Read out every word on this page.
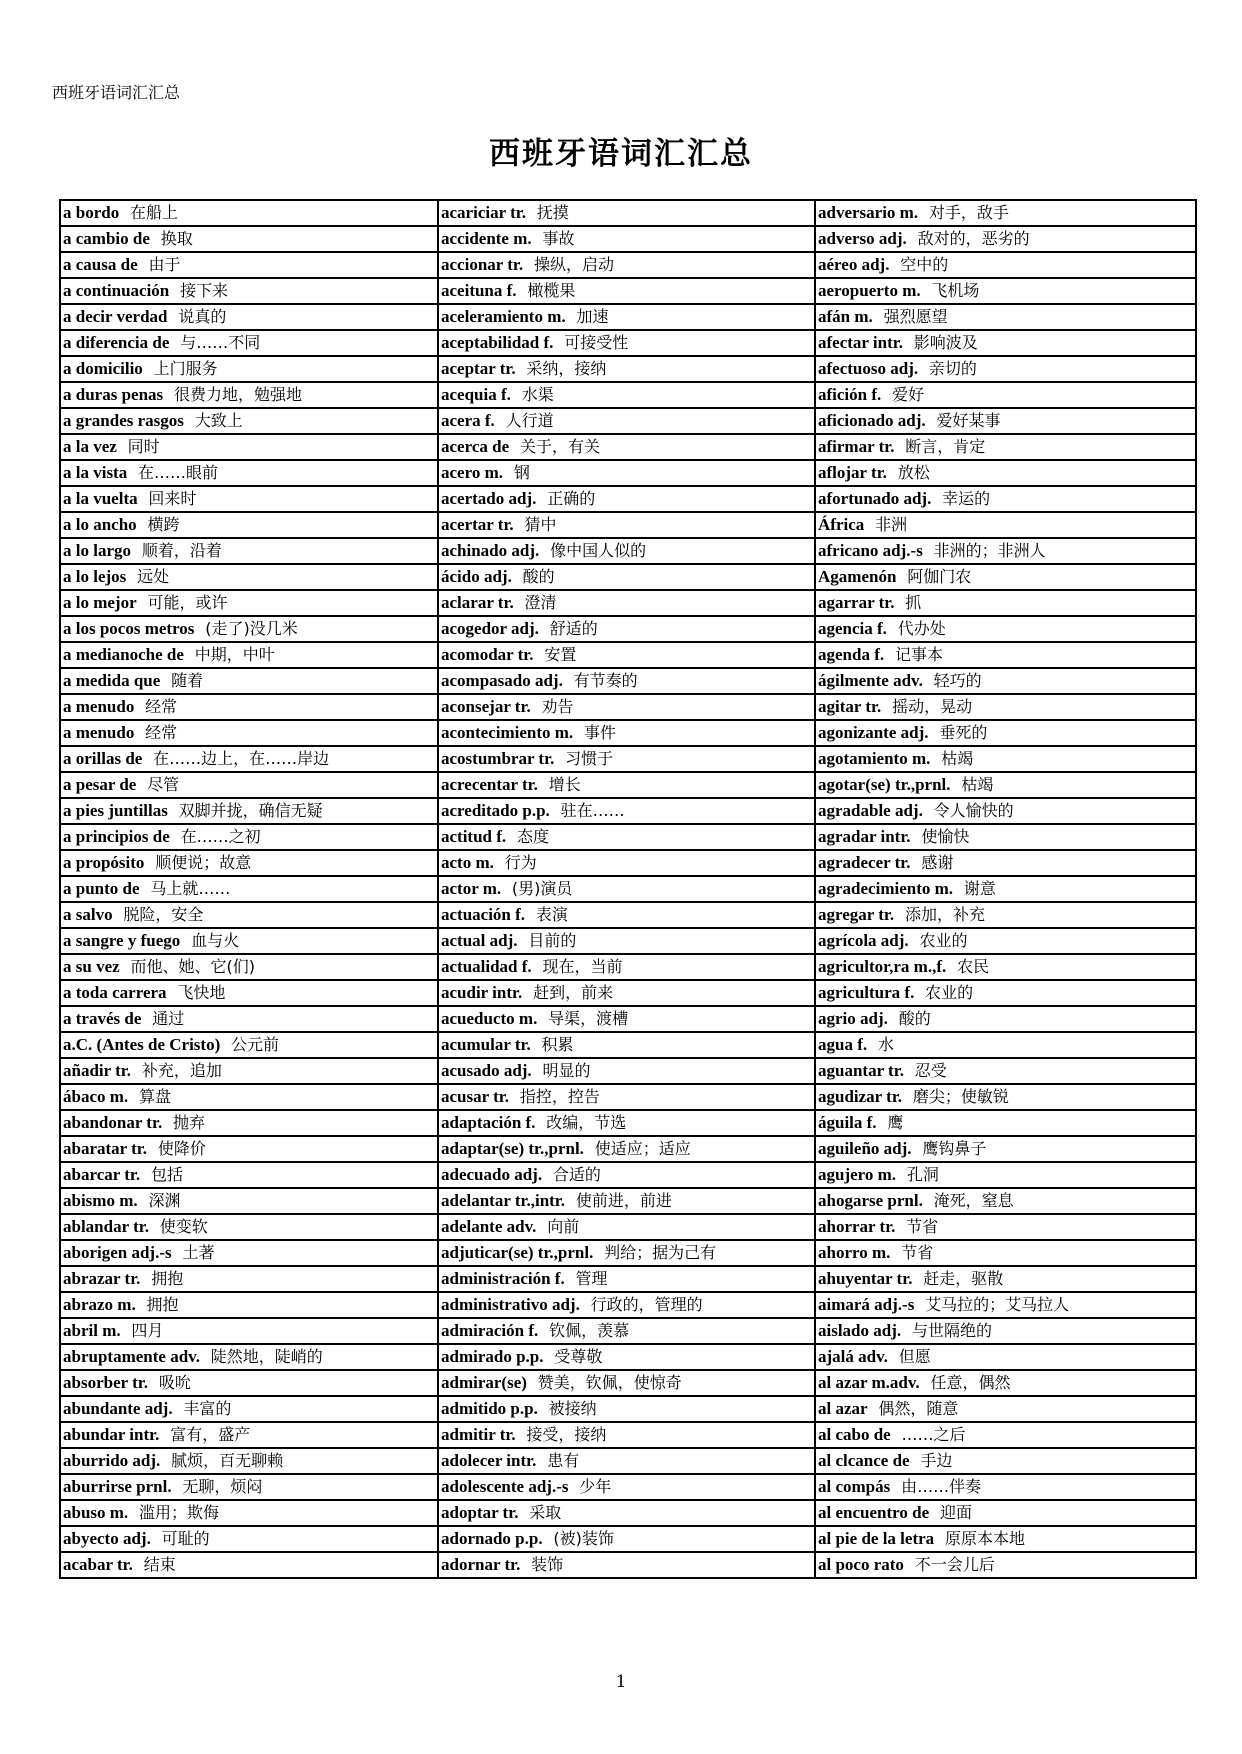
西班牙语词汇汇总
西班牙语词汇汇总
a bordo 在船上	acariciar tr. 抚摸	adversario m. 对手，敌手
a cambio de 换取	accidente m. 事故	adverso adj. 敌对的，恶劣的
a causa de 由于	accionar tr. 操纵，启动	aéreo adj. 空中的
a continuación 接下来	aceituna f. 橄榄果	aeropuerto m. 飞机场
a decir verdad 说真的	aceleramiento m. 加速	afán m. 强烈愿望
a diferencia de 与……不同	aceptabilidad f. 可接受性	afectar intr. 影响波及
a domicilio 上门服务	aceptar tr. 采纳，接纳	afectuoso adj. 亲切的
a duras penas 很费力地，勉强地	acequia f. 水渠	afición f. 爱好
a grandes rasgos 大致上	acera f. 人行道	aficionado adj. 爱好某事
a la vez 同时	acerca de 关于，有关	afirmar tr. 断言，肯定
a la vista 在……眼前	acero m. 钢	aflojar tr. 放松
a la vuelta 回来时	acertado adj. 正确的	afortunado adj. 幸运的
a lo ancho 横跨	acertar tr. 猜中	África 非洲
a lo largo 顺着，沿着	achinado adj. 像中国人似的	africano adj.-s 非洲的；非洲人
a lo lejos 远处	ácido adj. 酸的	Agamenón 阿伽门农
a lo mejor 可能，或许	aclarar tr. 澄清	agarrar tr. 抓
a los pocos metros (走了)没几米	acogedor adj. 舒适的	agencia f. 代办处
a medianoche de 中期，中叶	acomodar tr. 安置	agenda f. 记事本
a medida que 随着	acompasado adj. 有节奏的	ágilmente adv. 轻巧的
a menudo 经常	aconsejar tr. 劝告	agitar tr. 摇动，晃动
a menudo 经常	acontecimiento m. 事件	agonizante adj. 垂死的
a orillas de 在……边上，在……岸边	acostumbrar tr. 习惯于	agotamiento m. 枯竭
a pesar de 尽管	acrecentar tr. 增长	agotar(se) tr.,prnl. 枯竭
a pies juntillas 双脚并拢，确信无疑	acreditado p.p. 驻在……	agradable adj. 令人愉快的
a principios de 在……之初	actitud f. 态度	agradar intr. 使愉快
a propósito 顺便说；故意	acto m. 行为	agradecer tr. 感谢
a punto de 马上就……	actor m. (男)演员	agradecimiento m. 谢意
a salvo 脱险，安全	actuación f. 表演	agregar tr. 添加，补充
a sangre y fuego 血与火	actual adj. 目前的	agrícola adj. 农业的
a su vez 而他、她、它(们)	actualidad f. 现在，当前	agricultor,ra m.,f. 农民
a toda carrera 飞快地	acudir intr. 赶到，前来	agricultura f. 农业的
a través de 通过	acueducto m. 导渠，渡槽	agrio adj. 酸的
a.C. (Antes de Cristo) 公元前	acumular tr. 积累	agua f. 水
añadir tr. 补充，追加	acusado adj. 明显的	aguantar tr. 忍受
ábaco m. 算盘	acusar tr. 指控，控告	agudizar tr. 磨尖；使敏锐
abandonar tr. 抛弃	adaptación f. 改编，节选	águila f. 鹰
abaratar tr. 使降价	adaptar(se) tr.,prnl. 使适应；适应	aguileño adj. 鹰钩鼻子
abarcar tr. 包括	adecuado adj. 合适的	agujero m. 孔洞
abismo m. 深渊	adelantar tr.,intr. 使前进，前进	ahogarse prnl. 淹死，窒息
ablandar tr. 使变软	adelante adv. 向前	ahorrar tr. 节省
aborigen adj.-s 土著	adjuticar(se) tr.,prnl. 判给；据为己有	ahorro m. 节省
abrazar tr. 拥抱	administración f. 管理	ahuyentar tr. 赶走，驱散
abrazo m. 拥抱	administrativo adj. 行政的，管理的	aimará adj.-s 艾马拉的；艾马拉人
abril m. 四月	admiración f. 钦佩，羡慕	aislado adj. 与世隔绝的
abruptamente adv. 陡然地，陡峭的	admirado p.p. 受尊敬	ajalá adv. 但愿
absorber tr. 吸吮	admirar(se) 赞美，钦佩，使惊奇	al azar m.adv. 任意，偶然
abundante adj. 丰富的	admitido p.p. 被接纳	al azar 偶然，随意
abundar intr. 富有，盛产	admitir tr. 接受，接纳	al cabo de ……之后
aburrido adj. 腻烦，百无聊赖	adolecer intr. 患有	al clcance de 手边
aburrirse prnl. 无聊，烦闷	adolescente adj.-s 少年	al compás 由……伴奏
abuso m. 滥用；欺侮	adoptar tr. 采取	al encuentro de 迎面
abyecto adj. 可耻的	adornado p.p. (被)装饰	al pie de la letra 原原本本地
acabar tr. 结束	adornar tr. 装饰	al poco rato 不一会儿后
1
